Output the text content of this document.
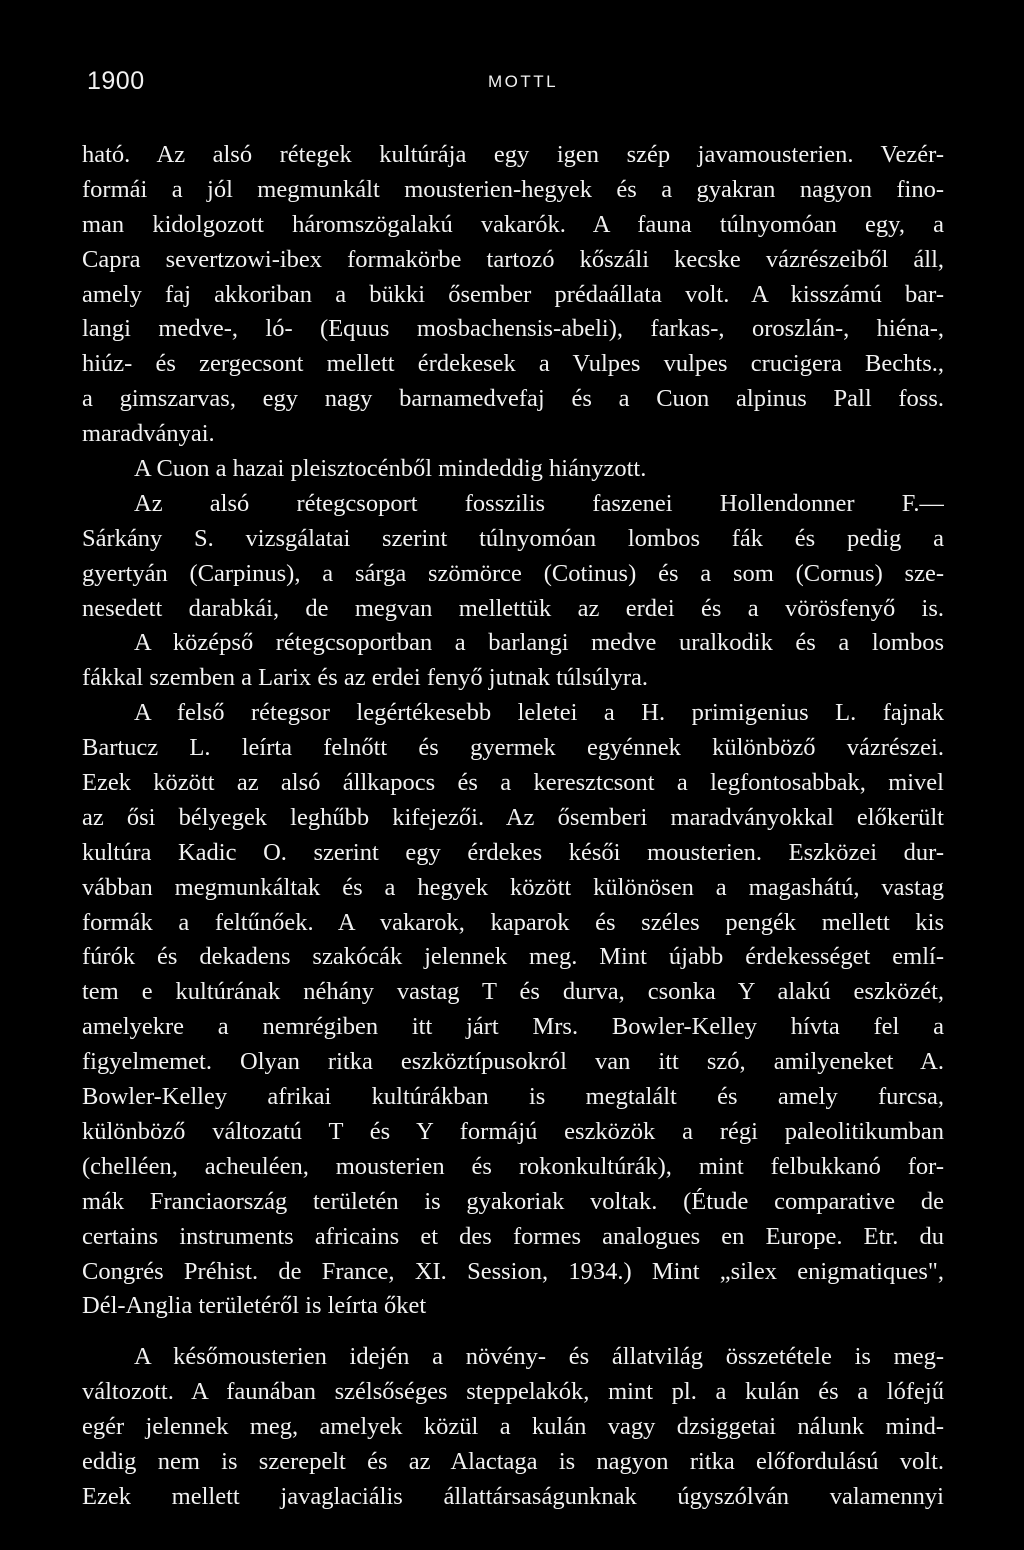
1900	MOTTL
ható. Az alsó rétegek kultúrája egy igen szép javamousterien. Vezér-
formái a jól megmunkált mousterien-hegyek és a gyakran nagyon fino-
man kidolgozott háromszögalakú vakarók. A fauna túlnyomóan egy, a
Capra severtzowi-ibex formakörbe tartozó kőszáli kecske vázrészeiből áll,
amely faj akkoriban a bükki ősember prédaállata volt. A kisszámú bar-
langi medve-, ló- (Equus mosbachensis-abeli), farkas-, oroszlán-, hiéna-,
hiúz- és zergecsont mellett érdekesek a Vulpes vulpes crucigera Bechts.,
a gimszarvas, egy nagy barnamedvefaj és a Cuon alpinus Pall foss.
maradványai.
A Cuon a hazai pleisztocénből mindeddig hiányzott.
Az alsó rétegcsoport fosszilis faszenei Hollendonner F.—
Sárkány S. vizsgálatai szerint túlnyomóan lombos fák és pedig a
gyertyán (Carpinus), a sárga szömörce (Cotinus) és a som (Cornus) sze-
nesedett darabkái, de megvan mellettük az erdei és a vörösfenyő is.
A középső rétegcsoportban a barlangi medve uralkodik és a lombos
fákkal szemben a Larix és az erdei fenyő jutnak túlsúlyra.
A felső rétegsor legértékesebb leletei a H. primigenius L. fajnak
Bartucz L. leírta felnőtt és gyermek egyénnek különböző vázrészei.
Ezek között az alsó állkapocs és a keresztcsont a legfontosabbak, mivel
az ősi bélyegek leghűbb kifejezői. Az ősemberi maradványokkal előkerült
kultúra Kadic O. szerint egy érdekes késői mousterien. Eszközei dur-
vábban megmunkáltak és a hegyek között különösen a magashátú, vastag
formák a feltűnőek. A vakarok, kaparok és széles pengék mellett kis
fúrók és dekadens szakócák jelennek meg. Mint újabb érdekességet emlí-
tem e kultúrának néhány vastag T és durva, csonka Y alakú eszközét,
amelyekre a nemrégiben itt járt Mrs. Bowler-Kelley hívta fel a
figyelmemet. Olyan ritka eszköztípusokról van itt szó, amilyeneket A.
Bowler-Kelley afrikai kultúrákban is megtalált és amely furcsa,
különböző változatú T és Y formájú eszközök a régi paleolitikumban
(chelléen, acheuléen, mousterien és rokonkultúrák), mint felbukkanó for-
mák Franciaország területén is gyakoriak voltak. (Étude comparative de
certains instruments africains et des formes analogues en Europe. Etr. du
Congrés Préhist. de France, XI. Session, 1934.) Mint „silex enigmatiques",
Dél-Anglia területéről is leírta őket
A későmousterien idején a növény- és állatvilág összetétele is meg-
változott. A faunában szélsőséges steppelakók, mint pl. a kulán és a lófejű
egér jelennek meg, amelyek közül a kulán vagy dzsiggetai nálunk mind-
eddig nem is szerepelt és az Alactaga is nagyon ritka előfordulású volt.
Ezek mellett javaglaciális állattársaságunknak úgyszólván valamennyi
